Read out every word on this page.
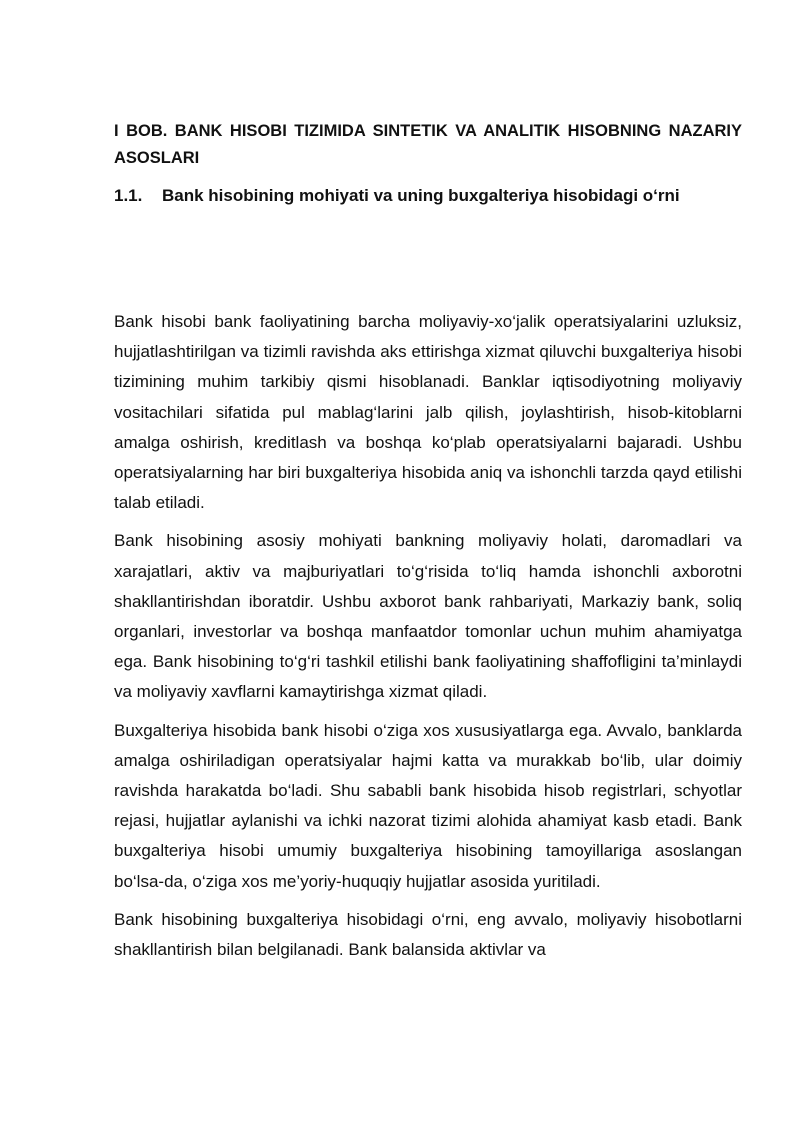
I BOB. BANK HISOBI TIZIMIDA SINTETIK VA ANALITIK HISOBNING NAZARIY ASOSLARI
1.1. Bank hisobining mohiyati va uning buxgalteriya hisobidagi o‘rni

Bank hisobi bank faoliyatining barcha moliyaviy-xo‘jalik operatsiyalarini uzluksiz, hujjatlashtirilgan va tizimli ravishda aks ettirishga xizmat qiluvchi buxgalteriya hisobi tizimining muhim tarkibiy qismi hisoblanadi. Banklar iqtisodiyotning moliyaviy vositachilari sifatida pul mablag‘larini jalb qilish, joylashtirish, hisob-kitoblarni amalga oshirish, kreditlash va boshqa ko‘plab operatsiyalarni bajaradi. Ushbu operatsiyalarning har biri buxgalteriya hisobida aniq va ishonchli tarzda qayd etilishi talab etiladi.

Bank hisobining asosiy mohiyati bankning moliyaviy holati, daromadlari va xarajatlari, aktiv va majburiyatlari to‘g‘risida to‘liq hamda ishonchli axborotni shakllantirishdan iboratdir. Ushbu axborot bank rahbariyati, Markaziy bank, soliq organlari, investorlar va boshqa manfaatdor tomonlar uchun muhim ahamiyatga ega. Bank hisobining to‘g‘ri tashkil etilishi bank faoliyatining shaffofligini ta’minlaydi va moliyaviy xavflarni kamaytirishga xizmat qiladi.

Buxgalteriya hisobida bank hisobi o‘ziga xos xususiyatlarga ega. Avvalo, banklarda amalga oshiriladigan operatsiyalar hajmi katta va murakkab bo‘lib, ular doimiy ravishda harakatda bo‘ladi. Shu sababli bank hisobida hisob registrlari, schyotlar rejasi, hujjatlar aylanishi va ichki nazorat tizimi alohida ahamiyat kasb etadi. Bank buxgalteriya hisobi umumiy buxgalteriya hisobining tamoyillariga asoslangan bo‘lsa-da, o‘ziga xos me’yoriy-huquqiy hujjatlar asosida yuritiladi.

Bank hisobining buxgalteriya hisobidagi o‘rni, eng avvalo, moliyaviy hisobotlarni shakllantirish bilan belgilanadi. Bank balansida aktivlar va
